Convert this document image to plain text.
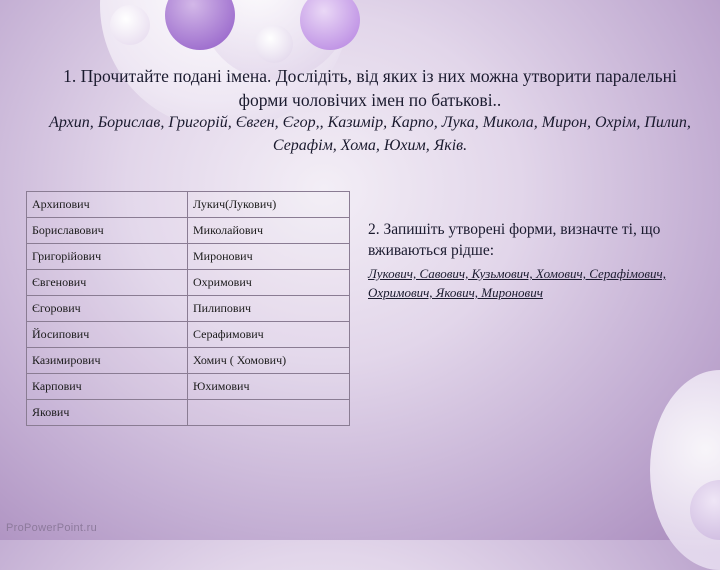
1. Прочитайте подані імена. Дослідіть, від яких із них можна утворити паралельні форми чоловічих імен по батькові..
Архип, Борислав, Григорій, Євген, Єгор,, Казимір, Карпо, Лука, Микола, Мирон, Охрім, Пилип, Серафім, Хома, Юхим, Яків.
Архипович	Лукич(Лукович)
Бориславович	Миколайович
Григорійович	Миронович
Євгенович	Охримович
Єгорович	Пилипович
Йосипович	Серафимович
Казимирович	Хомич ( Хомович)
Карпович	Юхимович
Якович	
2. Запишіть утворені форми, визначте ті, що вживаються рідше:
Лукович, Савович, Кузьмович, Хомович, Серафімович, Охримович, Якович, Миронович
ProPowerPoint.ru
